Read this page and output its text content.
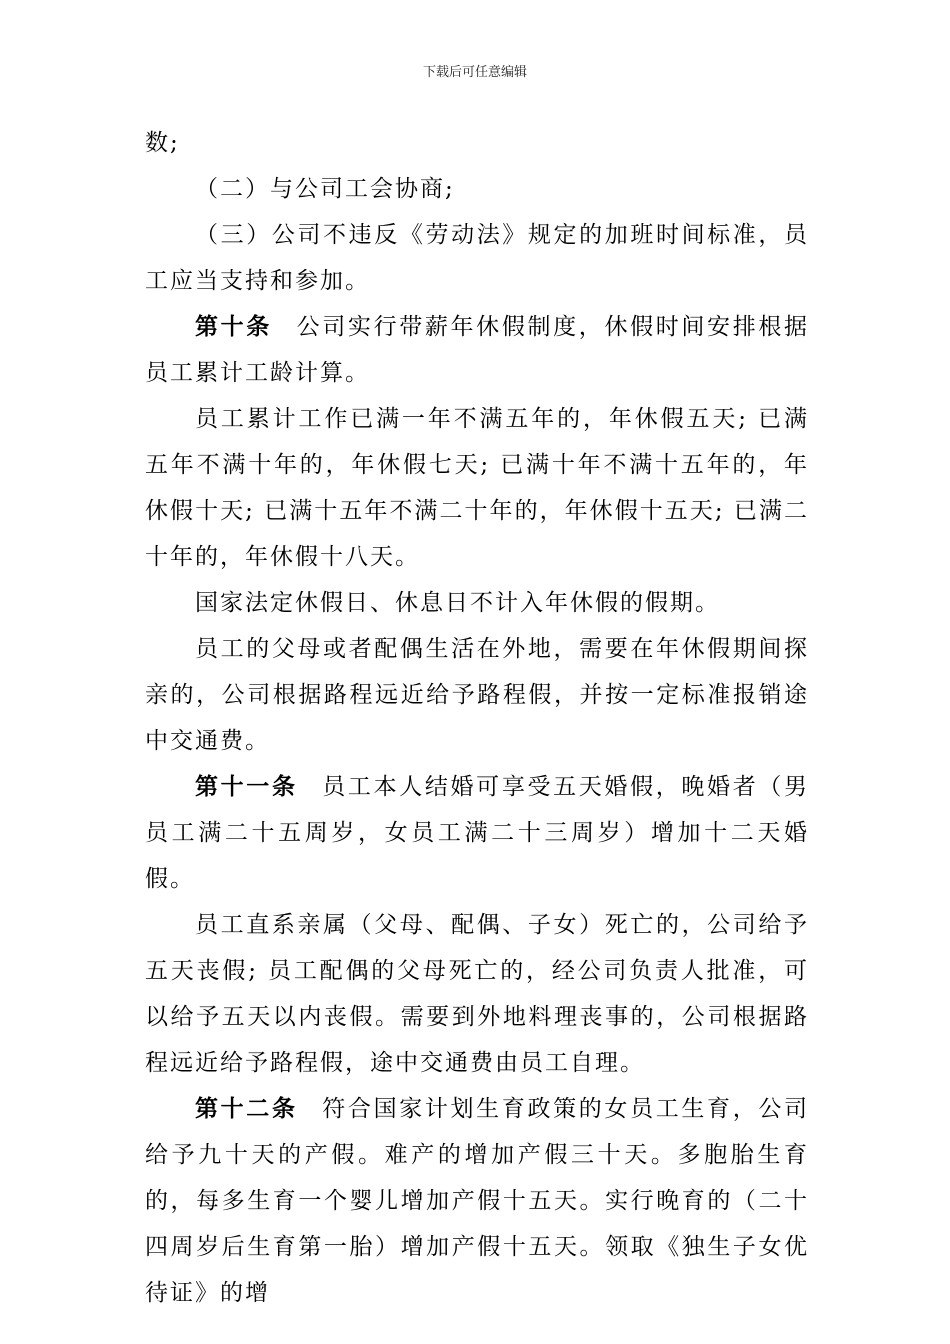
下载后可任意编辑

数;

（二）与公司工会协商;

（三）公司不违反《劳动法》规定的加班时间标准，员工应当支持和参加。

第十条 公司实行带薪年休假制度，休假时间安排根据员工累计工龄计算。

员工累计工作已满一年不满五年的，年休假五天; 已满五年不满十年的，年休假七天; 已满十年不满十五年的，年休假十天; 已满十五年不满二十年的，年休假十五天; 已满二十年的，年休假十八天。

国家法定休假日、休息日不计入年休假的假期。

员工的父母或者配偶生活在外地，需要在年休假期间探亲的，公司根据路程远近给予路程假，并按一定标准报销途中交通费。

第十一条 员工本人结婚可享受五天婚假，晚婚者（男员工满二十五周岁，女员工满二十三周岁）增加十二天婚假。

员工直系亲属（父母、配偶、子女）死亡的，公司给予五天丧假; 员工配偶的父母死亡的，经公司负责人批准，可以给予五天以内丧假。需要到外地料理丧事的，公司根据路程远近给予路程假，途中交通费由员工自理。

第十二条 符合国家计划生育政策的女员工生育，公司给予九十天的产假。难产的增加产假三十天。多胞胎生育的，每多生育一个婴儿增加产假十五天。实行晚育的（二十四周岁后生育第一胎）增加产假十五天。领取《独生子女优待证》的增
